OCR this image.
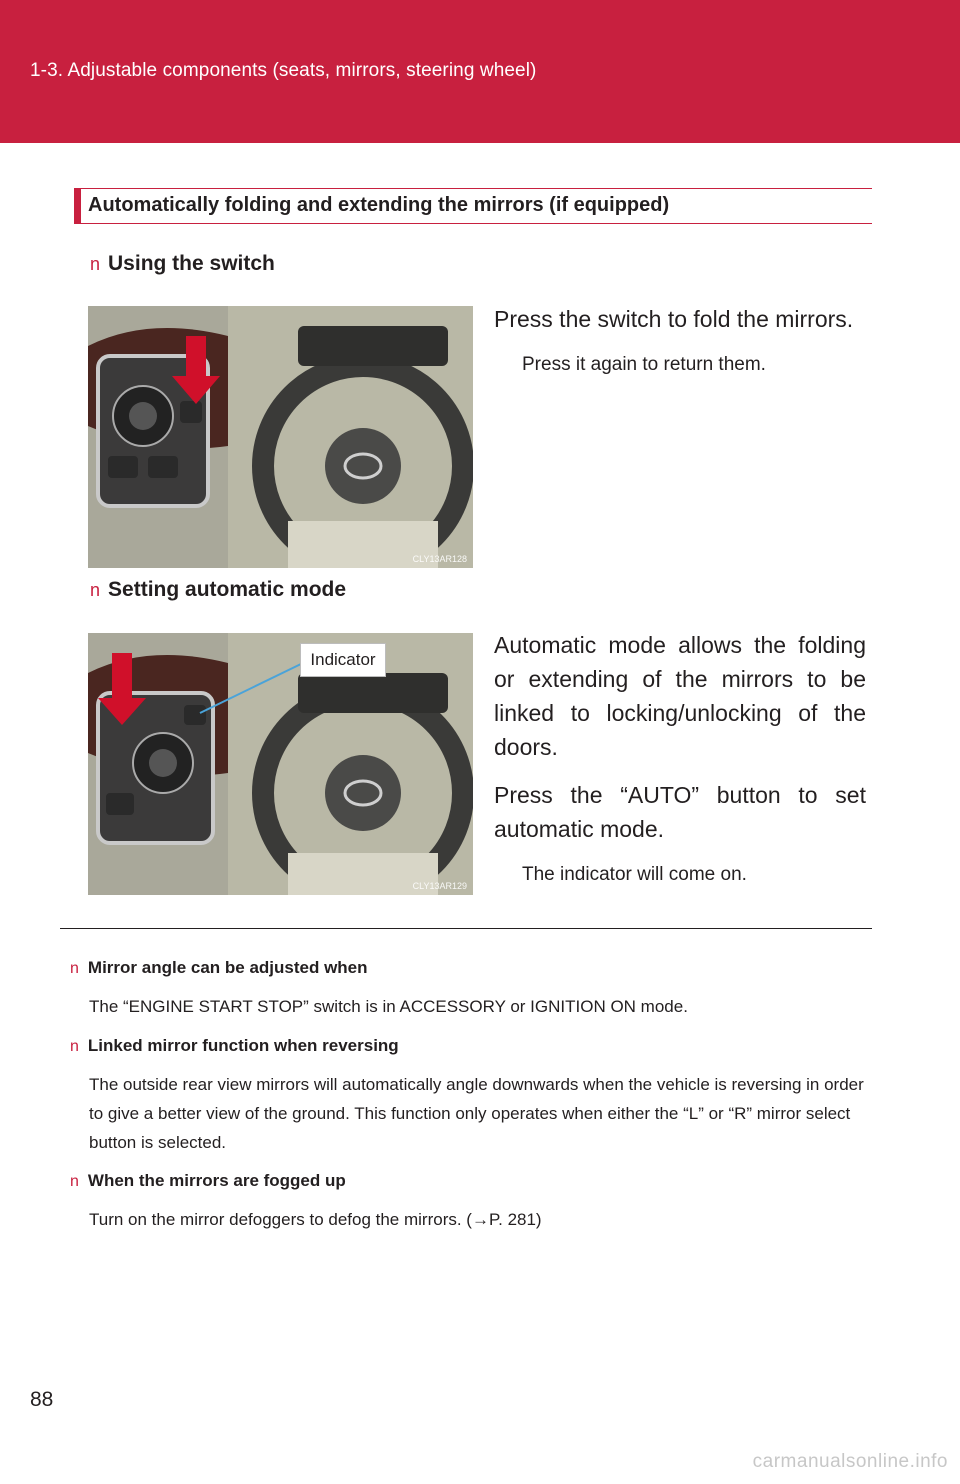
1-3. Adjustable components (seats, mirrors, steering wheel)
Automatically folding and extending the mirrors (if equipped)
n Using the switch
CLY13AR128
Press the switch to fold the mirrors.
Press it again to return them.
n Setting automatic mode
CLY13AR129
Indicator
Automatic mode allows the folding or extending of the mirrors to be linked to locking/unlocking of the doors.
Press the “AUTO” button to set automatic mode.
The indicator will come on.
n Mirror angle can be adjusted when
The “ENGINE START STOP” switch is in ACCESSORY or IGNITION ON mode.
n Linked mirror function when reversing
The outside rear view mirrors will automatically angle downwards when the vehicle is reversing in order to give a better view of the ground. This function only operates when either the “L” or “R” mirror select button is selected.
n When the mirrors are fogged up
Turn on the mirror defoggers to defog the mirrors. (→P. 281)
88
carmanualsonline.info
